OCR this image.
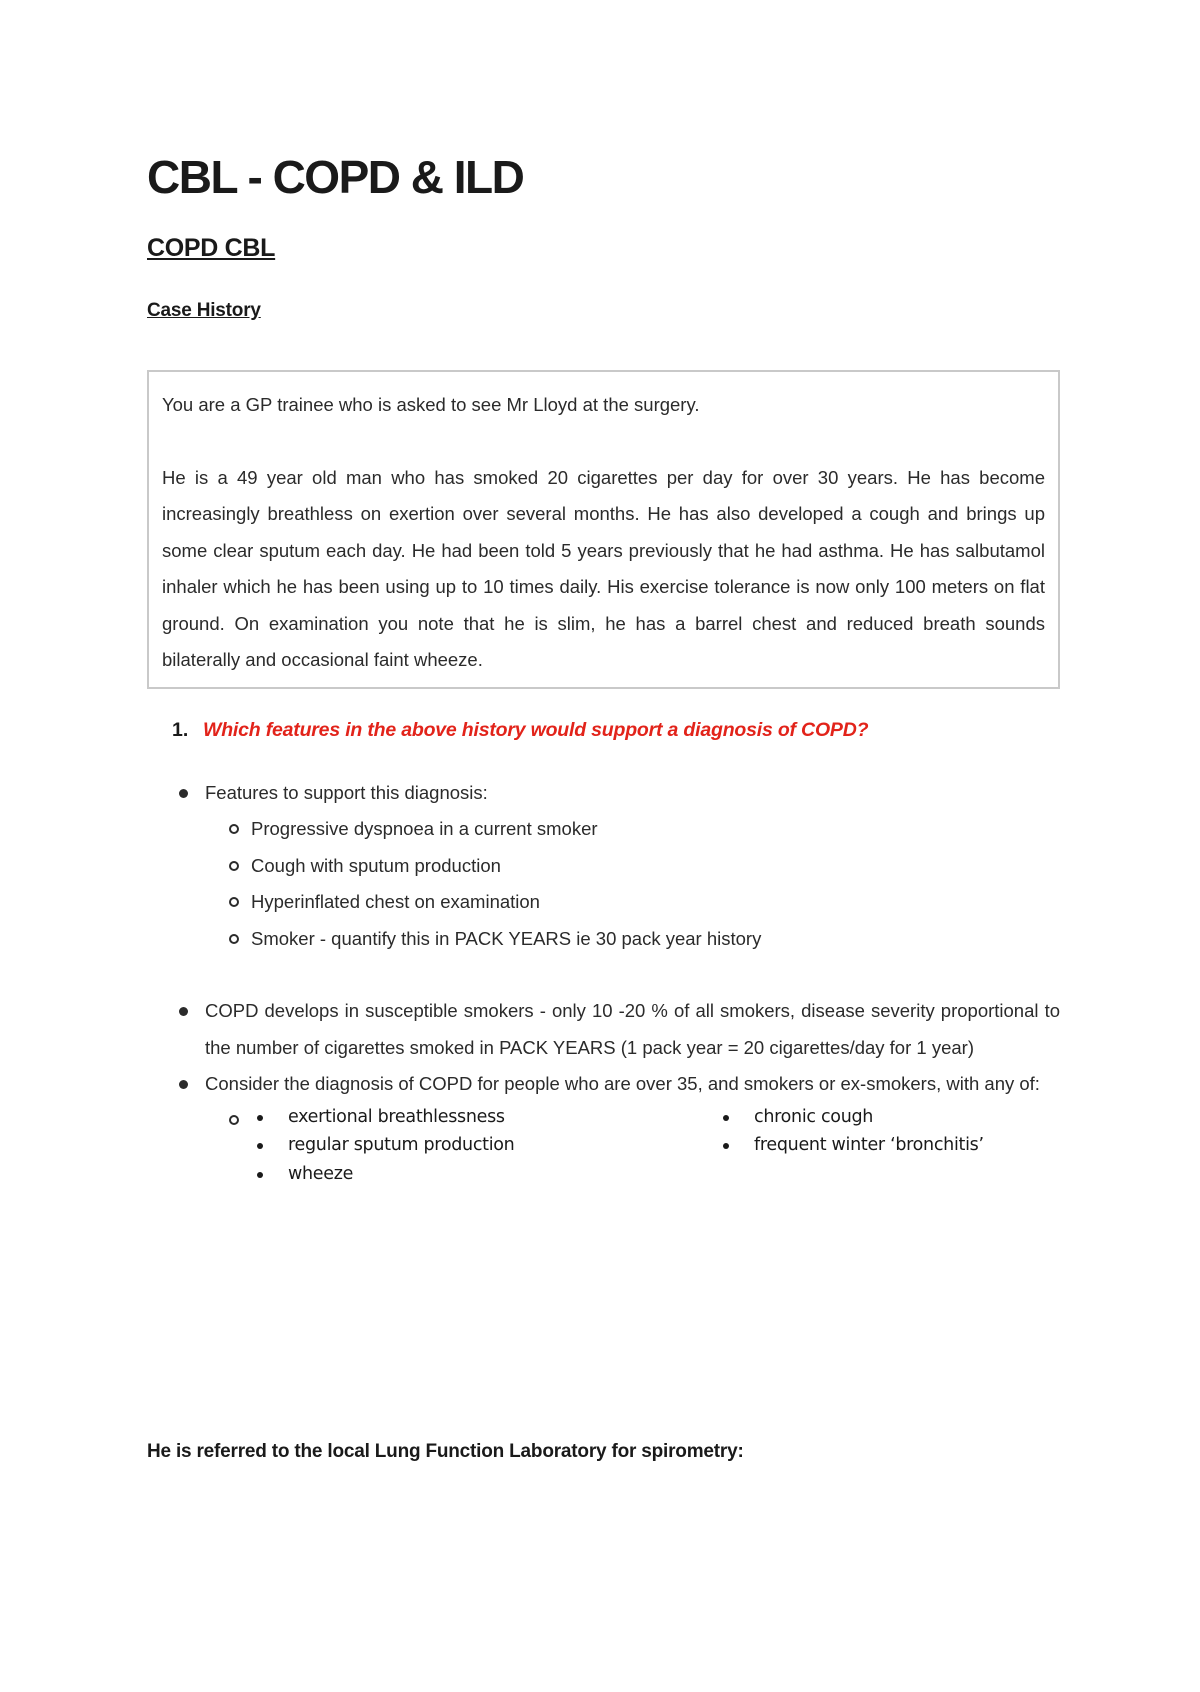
CBL - COPD & ILD
COPD CBL
Case History

You are a GP trainee who is asked to see Mr Lloyd at the surgery.

He is a 49 year old man who has smoked 20 cigarettes per day for over 30 years. He has become increasingly breathless on exertion over several months. He has also developed a cough and brings up some clear sputum each day. He had been told 5 years previously that he had asthma. He has salbutamol inhaler which he has been using up to 10 times daily. His exercise tolerance is now only 100 meters on flat ground. On examination you note that he is slim, he has a barrel chest and reduced breath sounds bilaterally and occasional faint wheeze.

1. Which features in the above history would support a diagnosis of COPD?
Features to support this diagnosis:
Progressive dyspnoea in a current smoker
Cough with sputum production
Hyperinflated chest on examination
Smoker - quantify this in PACK YEARS ie 30 pack year history
COPD develops in susceptible smokers - only 10 -20 % of all smokers, disease severity proportional to the number of cigarettes smoked in PACK YEARS (1 pack year = 20 cigarettes/day for 1 year)
Consider the diagnosis of COPD for people who are over 35, and smokers or ex-smokers, with any of:
exertional breathlessness
regular sputum production
wheeze
chronic cough
frequent winter ‘bronchitis’
He is referred to the local Lung Function Laboratory for spirometry:
